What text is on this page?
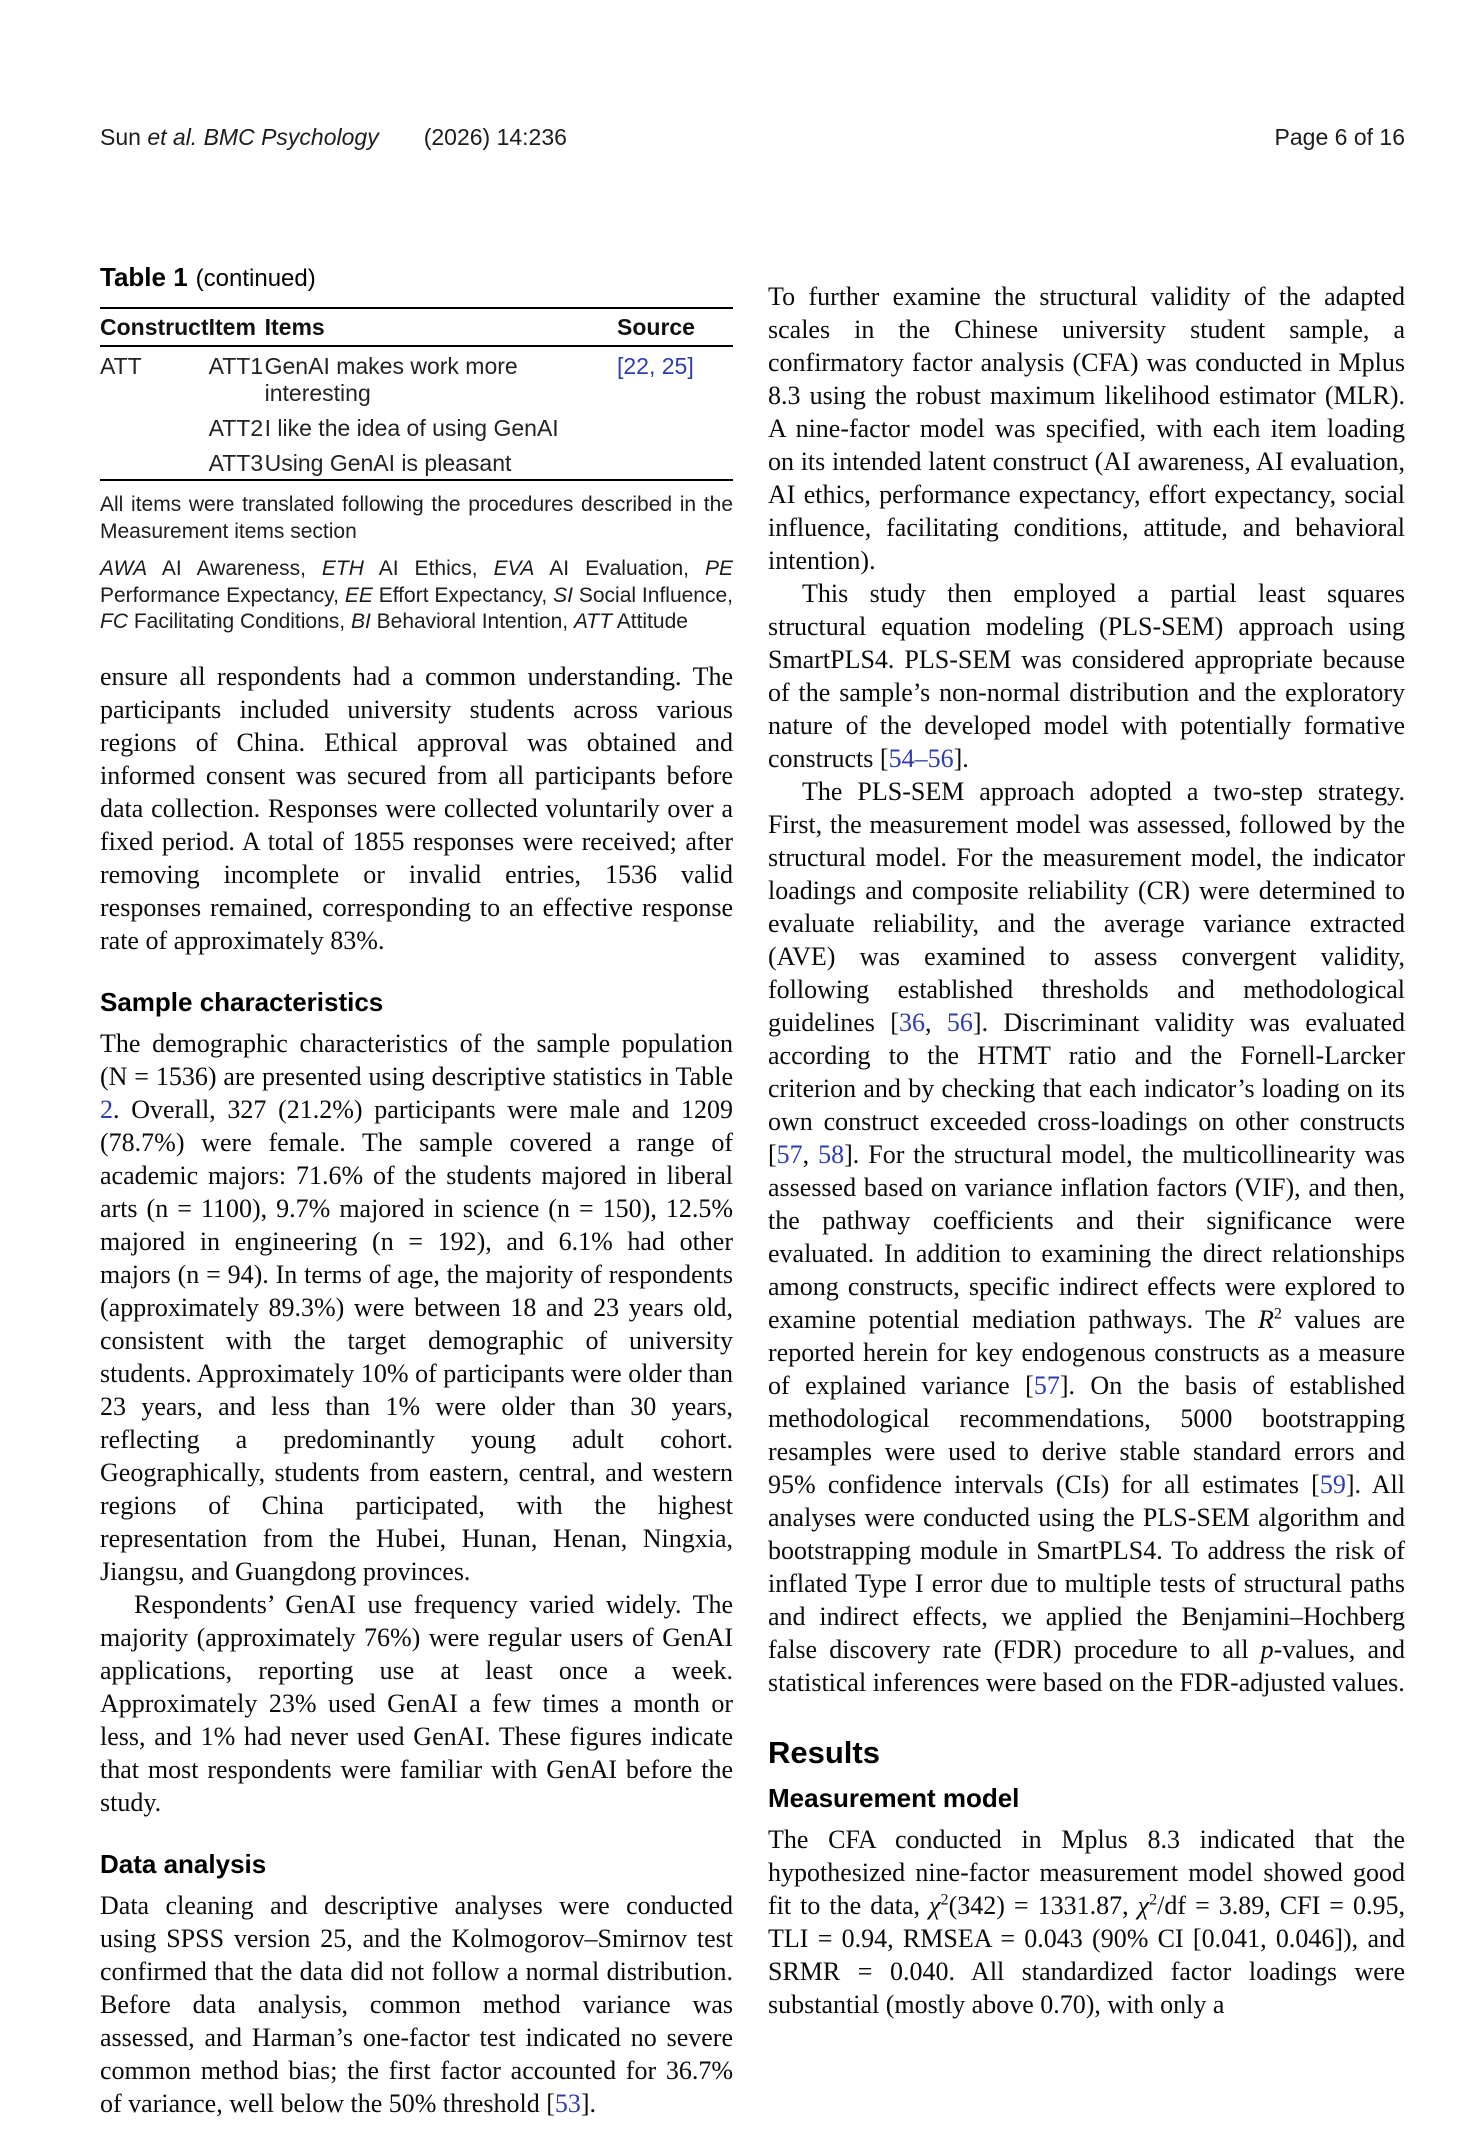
Sun et al. BMC Psychology (2026) 14:236	Page 6 of 16
Table 1 (continued)
Construct	Item	Items	Source
ATT	ATT1	GenAI makes work more interesting	[22, 25]
	ATT2	I like the idea of using GenAI	
	ATT3	Using GenAI is pleasant	
All items were translated following the procedures described in the Measurement items section
AWA AI Awareness, ETH AI Ethics, EVA AI Evaluation, PE Performance Expectancy, EE Effort Expectancy, SI Social Influence, FC Facilitating Conditions, BI Behavioral Intention, ATT Attitude

ensure all respondents had a common understanding. The participants included university students across various regions of China. Ethical approval was obtained and informed consent was secured from all participants before data collection. Responses were collected voluntarily over a fixed period. A total of 1855 responses were received; after removing incomplete or invalid entries, 1536 valid responses remained, corresponding to an effective response rate of approximately 83%.

Sample characteristics

The demographic characteristics of the sample population (N = 1536) are presented using descriptive statistics in Table 2. Overall, 327 (21.2%) participants were male and 1209 (78.7%) were female. The sample covered a range of academic majors: 71.6% of the students majored in liberal arts (n = 1100), 9.7% majored in science (n = 150), 12.5% majored in engineering (n = 192), and 6.1% had other majors (n = 94). In terms of age, the majority of respondents (approximately 89.3%) were between 18 and 23 years old, consistent with the target demographic of university students. Approximately 10% of participants were older than 23 years, and less than 1% were older than 30 years, reflecting a predominantly young adult cohort. Geographically, students from eastern, central, and western regions of China participated, with the highest representation from the Hubei, Hunan, Henan, Ningxia, Jiangsu, and Guangdong provinces.

Respondents’ GenAI use frequency varied widely. The majority (approximately 76%) were regular users of GenAI applications, reporting use at least once a week. Approximately 23% used GenAI a few times a month or less, and 1% had never used GenAI. These figures indicate that most respondents were familiar with GenAI before the study.

Data analysis

Data cleaning and descriptive analyses were conducted using SPSS version 25, and the Kolmogorov–Smirnov test confirmed that the data did not follow a normal distribution. Before data analysis, common method variance was assessed, and Harman’s one-factor test indicated no severe common method bias; the first factor accounted for 36.7% of variance, well below the 50% threshold [53].

To further examine the structural validity of the adapted scales in the Chinese university student sample, a confirmatory factor analysis (CFA) was conducted in Mplus 8.3 using the robust maximum likelihood estimator (MLR). A nine-factor model was specified, with each item loading on its intended latent construct (AI awareness, AI evaluation, AI ethics, performance expectancy, effort expectancy, social influence, facilitating conditions, attitude, and behavioral intention).

This study then employed a partial least squares structural equation modeling (PLS-SEM) approach using SmartPLS4. PLS-SEM was considered appropriate because of the sample’s non-normal distribution and the exploratory nature of the developed model with potentially formative constructs [54–56].

The PLS-SEM approach adopted a two-step strategy. First, the measurement model was assessed, followed by the structural model. For the measurement model, the indicator loadings and composite reliability (CR) were determined to evaluate reliability, and the average variance extracted (AVE) was examined to assess convergent validity, following established thresholds and methodological guidelines [36, 56]. Discriminant validity was evaluated according to the HTMT ratio and the Fornell-Larcker criterion and by checking that each indicator’s loading on its own construct exceeded cross-loadings on other constructs [57, 58]. For the structural model, the multicollinearity was assessed based on variance inflation factors (VIF), and then, the pathway coefficients and their significance were evaluated. In addition to examining the direct relationships among constructs, specific indirect effects were explored to examine potential mediation pathways. The $R^2$ values are reported herein for key endogenous constructs as a measure of explained variance [57]. On the basis of established methodological recommendations, 5000 bootstrapping resamples were used to derive stable standard errors and 95% confidence intervals (CIs) for all estimates [59]. All analyses were conducted using the PLS-SEM algorithm and bootstrapping module in SmartPLS4. To address the risk of inflated Type I error due to multiple tests of structural paths and indirect effects, we applied the Benjamini–Hochberg false discovery rate (FDR) procedure to all p-values, and statistical inferences were based on the FDR-adjusted values.

Results
Measurement model

The CFA conducted in Mplus 8.3 indicated that the hypothesized nine-factor measurement model showed good fit to the data, $\chi^2(342) = 1331.87$, $\chi^2/df = 3.89$, CFI = 0.95, TLI = 0.94, RMSEA = 0.043 (90% CI [0.041, 0.046]), and SRMR = 0.040. All standardized factor loadings were substantial (mostly above 0.70), with only a
